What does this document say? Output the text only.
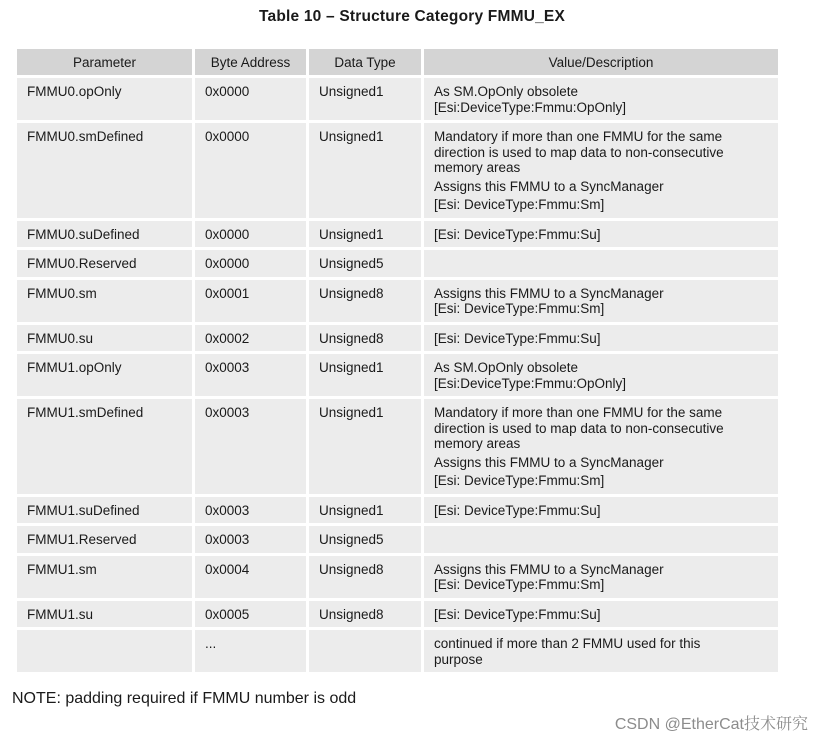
Table 10 – Structure Category FMMU_EX
Parameter	Byte Address	Data Type	Value/Description
FMMU0.opOnly	0x0000	Unsigned1	As SM.OpOnly obsolete
[Esi:DeviceType:Fmmu:OpOnly]

FMMU0.smDefined	0x0000	Unsigned1	Mandatory if more than one FMMU for the same
direction is used to map data to non-consecutive
memory areas
Assigns this FMMU to a SyncManager
[Esi: DeviceType:Fmmu:Sm]

FMMU0.suDefined	0x0000	Unsigned1	[Esi: DeviceType:Fmmu:Su]

FMMU0.Reserved	0x0000	Unsigned5	
FMMU0.sm	0x0001	Unsigned8	Assigns this FMMU to a SyncManager
[Esi: DeviceType:Fmmu:Sm]

FMMU0.su	0x0002	Unsigned8	[Esi: DeviceType:Fmmu:Su]

FMMU1.opOnly	0x0003	Unsigned1	As SM.OpOnly obsolete
[Esi:DeviceType:Fmmu:OpOnly]

FMMU1.smDefined	0x0003	Unsigned1	Mandatory if more than one FMMU for the same
direction is used to map data to non-consecutive
memory areas
Assigns this FMMU to a SyncManager
[Esi: DeviceType:Fmmu:Sm]

FMMU1.suDefined	0x0003	Unsigned1	[Esi: DeviceType:Fmmu:Su]

FMMU1.Reserved	0x0003	Unsigned5	
FMMU1.sm	0x0004	Unsigned8	Assigns this FMMU to a SyncManager
[Esi: DeviceType:Fmmu:Sm]

FMMU1.su	0x0005	Unsigned8	[Esi: DeviceType:Fmmu:Su]

	...		continued if more than 2 FMMU used for this
purpose
NOTE: padding required if FMMU number is odd
CSDN @EtherCat技术研究
